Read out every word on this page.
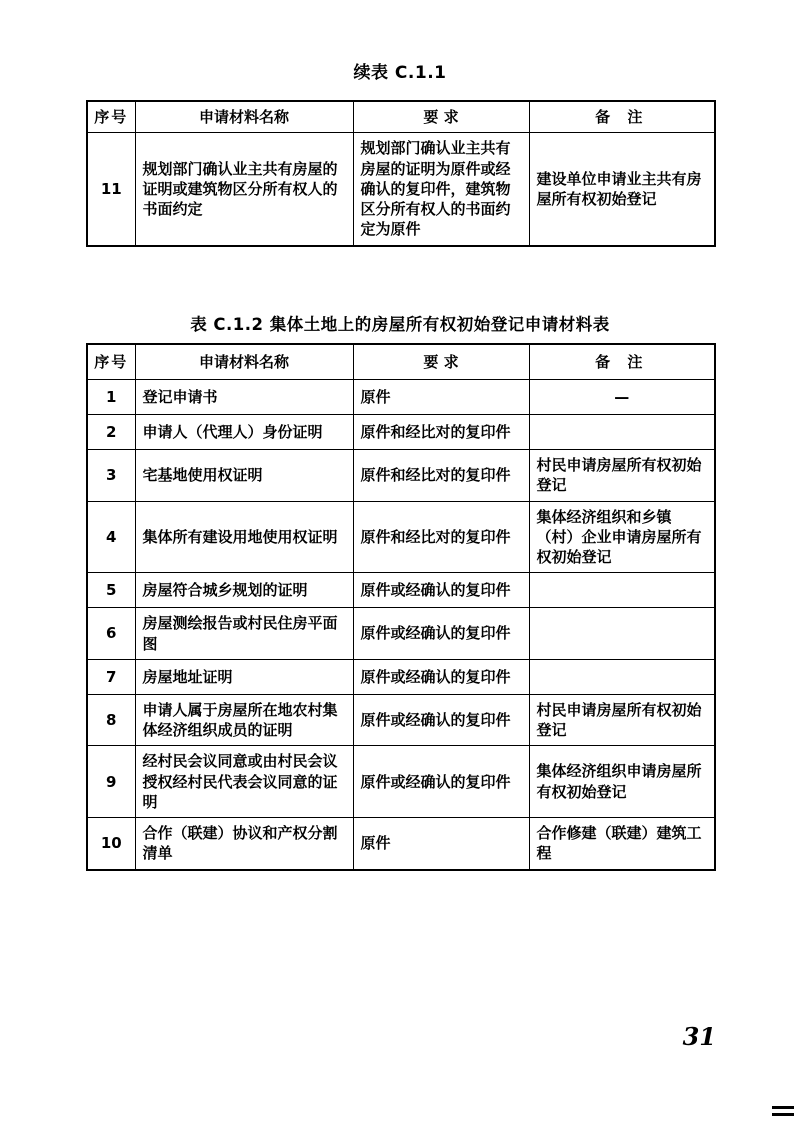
续表 C.1.1
序号	申请材料名称	要 求	备 注
11	规划部门确认业主共有房屋的证明或建筑物区分所有权人的书面约定	规划部门确认业主共有房屋的证明为原件或经确认的复印件，建筑物区分所有权人的书面约定为原件	建设单位申请业主共有房屋所有权初始登记
表 C.1.2 集体土地上的房屋所有权初始登记申请材料表
序号	申请材料名称	要 求	备 注
1	登记申请书	原件	—
2	申请人（代理人）身份证明	原件和经比对的复印件	
3	宅基地使用权证明	原件和经比对的复印件	村民申请房屋所有权初始登记
4	集体所有建设用地使用权证明	原件和经比对的复印件	集体经济组织和乡镇（村）企业申请房屋所有权初始登记
5	房屋符合城乡规划的证明	原件或经确认的复印件	
6	房屋测绘报告或村民住房平面图	原件或经确认的复印件	
7	房屋地址证明	原件或经确认的复印件	
8	申请人属于房屋所在地农村集体经济组织成员的证明	原件或经确认的复印件	村民申请房屋所有权初始登记
9	经村民会议同意或由村民会议授权经村民代表会议同意的证明	原件或经确认的复印件	集体经济组织申请房屋所有权初始登记
10	合作（联建）协议和产权分割清单	原件	合作修建（联建）建筑工程
31
